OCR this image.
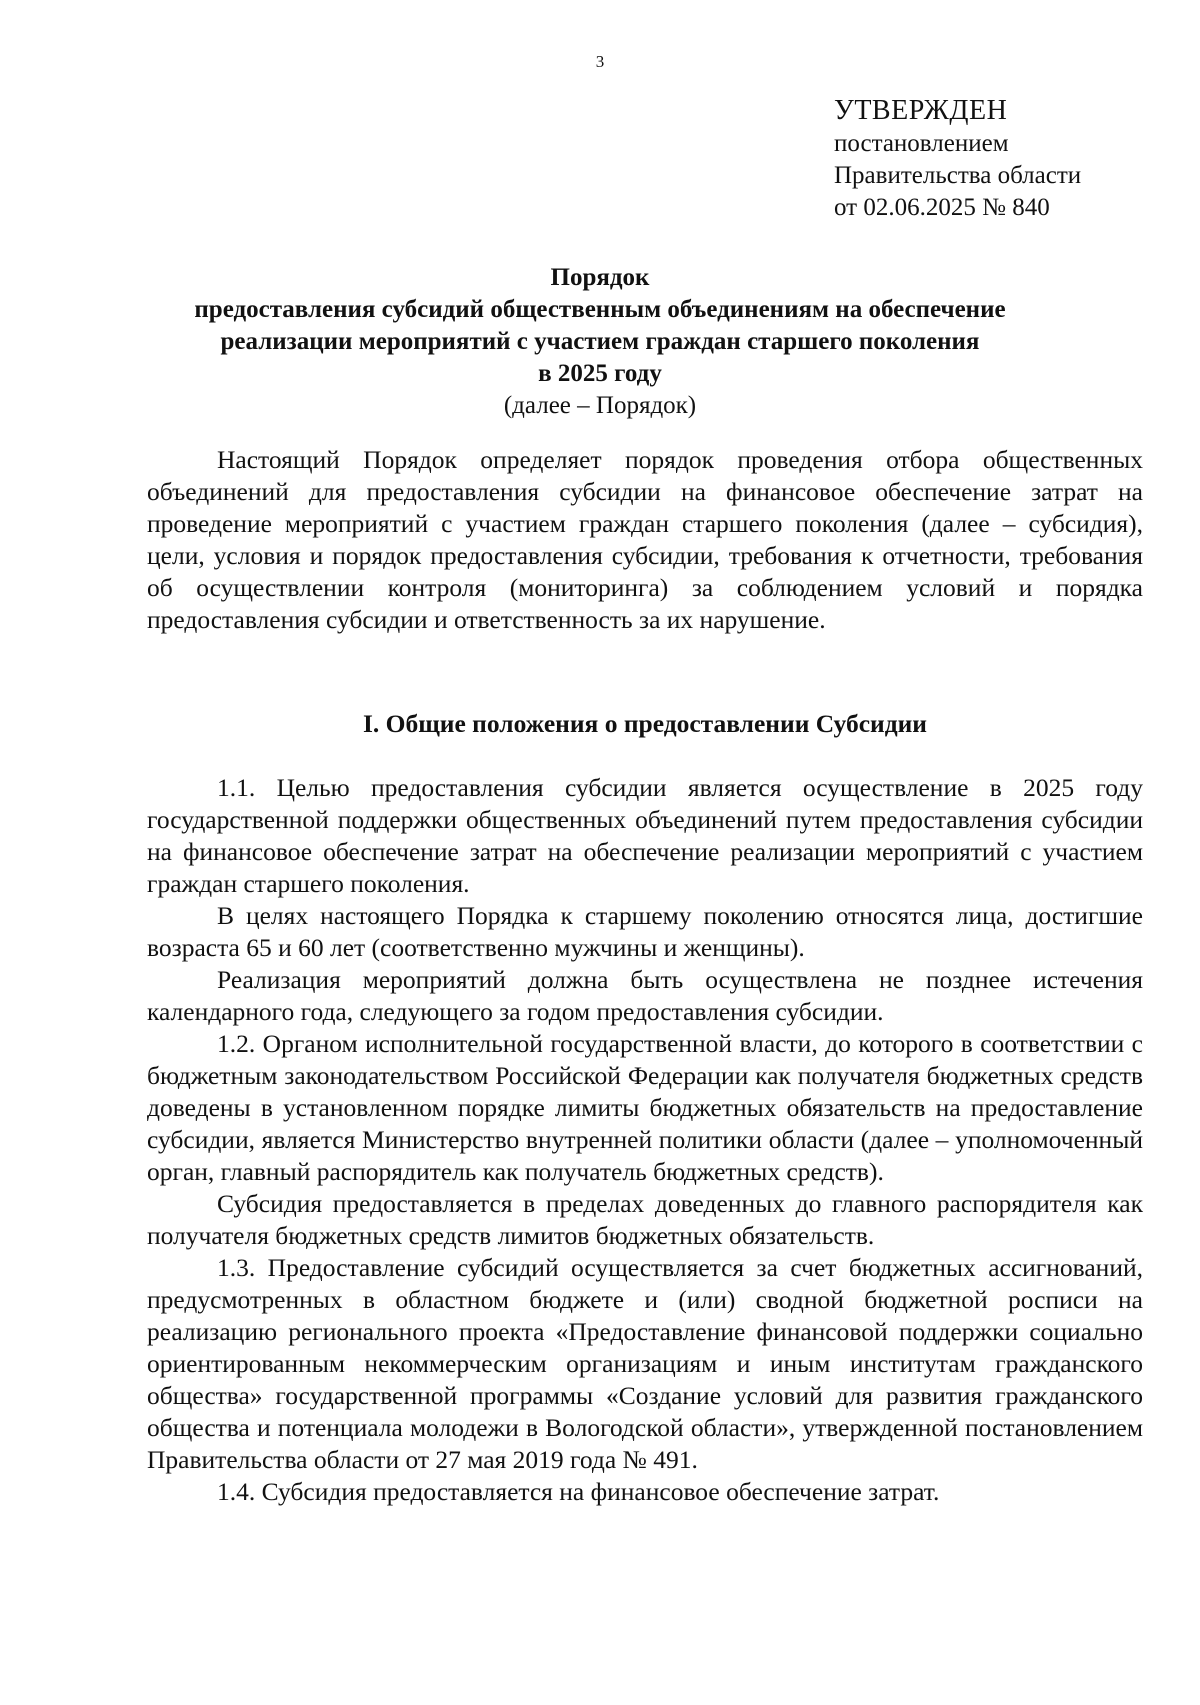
3
УТВЕРЖДЕН
постановлением
Правительства области
от 02.06.2025 № 840
Порядок
предоставления субсидий общественным объединениям на обеспечение
реализации мероприятий с участием граждан старшего поколения
в 2025 году
(далее – Порядок)

Настоящий Порядок определяет порядок проведения отбора общественных объединений для предоставления субсидии на финансовое обеспечение затрат на проведение мероприятий с участием граждан старшего поколения (далее – субсидия), цели, условия и порядок предоставления субсидии, требования к отчетности, требования об осуществлении контроля (мониторинга) за соблюдением условий и порядка предоставления субсидии и ответственность за их нарушение.

I. Общие положения о предоставлении Субсидии

1.1. Целью предоставления субсидии является осуществление в 2025 году государственной поддержки общественных объединений путем предоставления субсидии на финансовое обеспечение затрат на обеспечение реализации мероприятий с участием граждан старшего поколения.

В целях настоящего Порядка к старшему поколению относятся лица, достигшие возраста 65 и 60 лет (соответственно мужчины и женщины).

Реализация мероприятий должна быть осуществлена не позднее истечения календарного года, следующего за годом предоставления субсидии.

1.2. Органом исполнительной государственной власти, до которого в соответствии с бюджетным законодательством Российской Федерации как получателя бюджетных средств доведены в установленном порядке лимиты бюджетных обязательств на предоставление субсидии, является Министерство внутренней политики области (далее – уполномоченный орган, главный распорядитель как получатель бюджетных средств).

Субсидия предоставляется в пределах доведенных до главного распорядителя как получателя бюджетных средств лимитов бюджетных обязательств.

1.3. Предоставление субсидий осуществляется за счет бюджетных ассигнований, предусмотренных в областном бюджете и (или) сводной бюджетной росписи на реализацию регионального проекта «Предоставление финансовой поддержки социально ориентированным некоммерческим организациям и иным институтам гражданского общества» государственной программы «Создание условий для развития гражданского общества и потенциала молодежи в Вологодской области», утвержденной постановлением Правительства области от 27 мая 2019 года № 491.

1.4. Субсидия предоставляется на финансовое обеспечение затрат.
